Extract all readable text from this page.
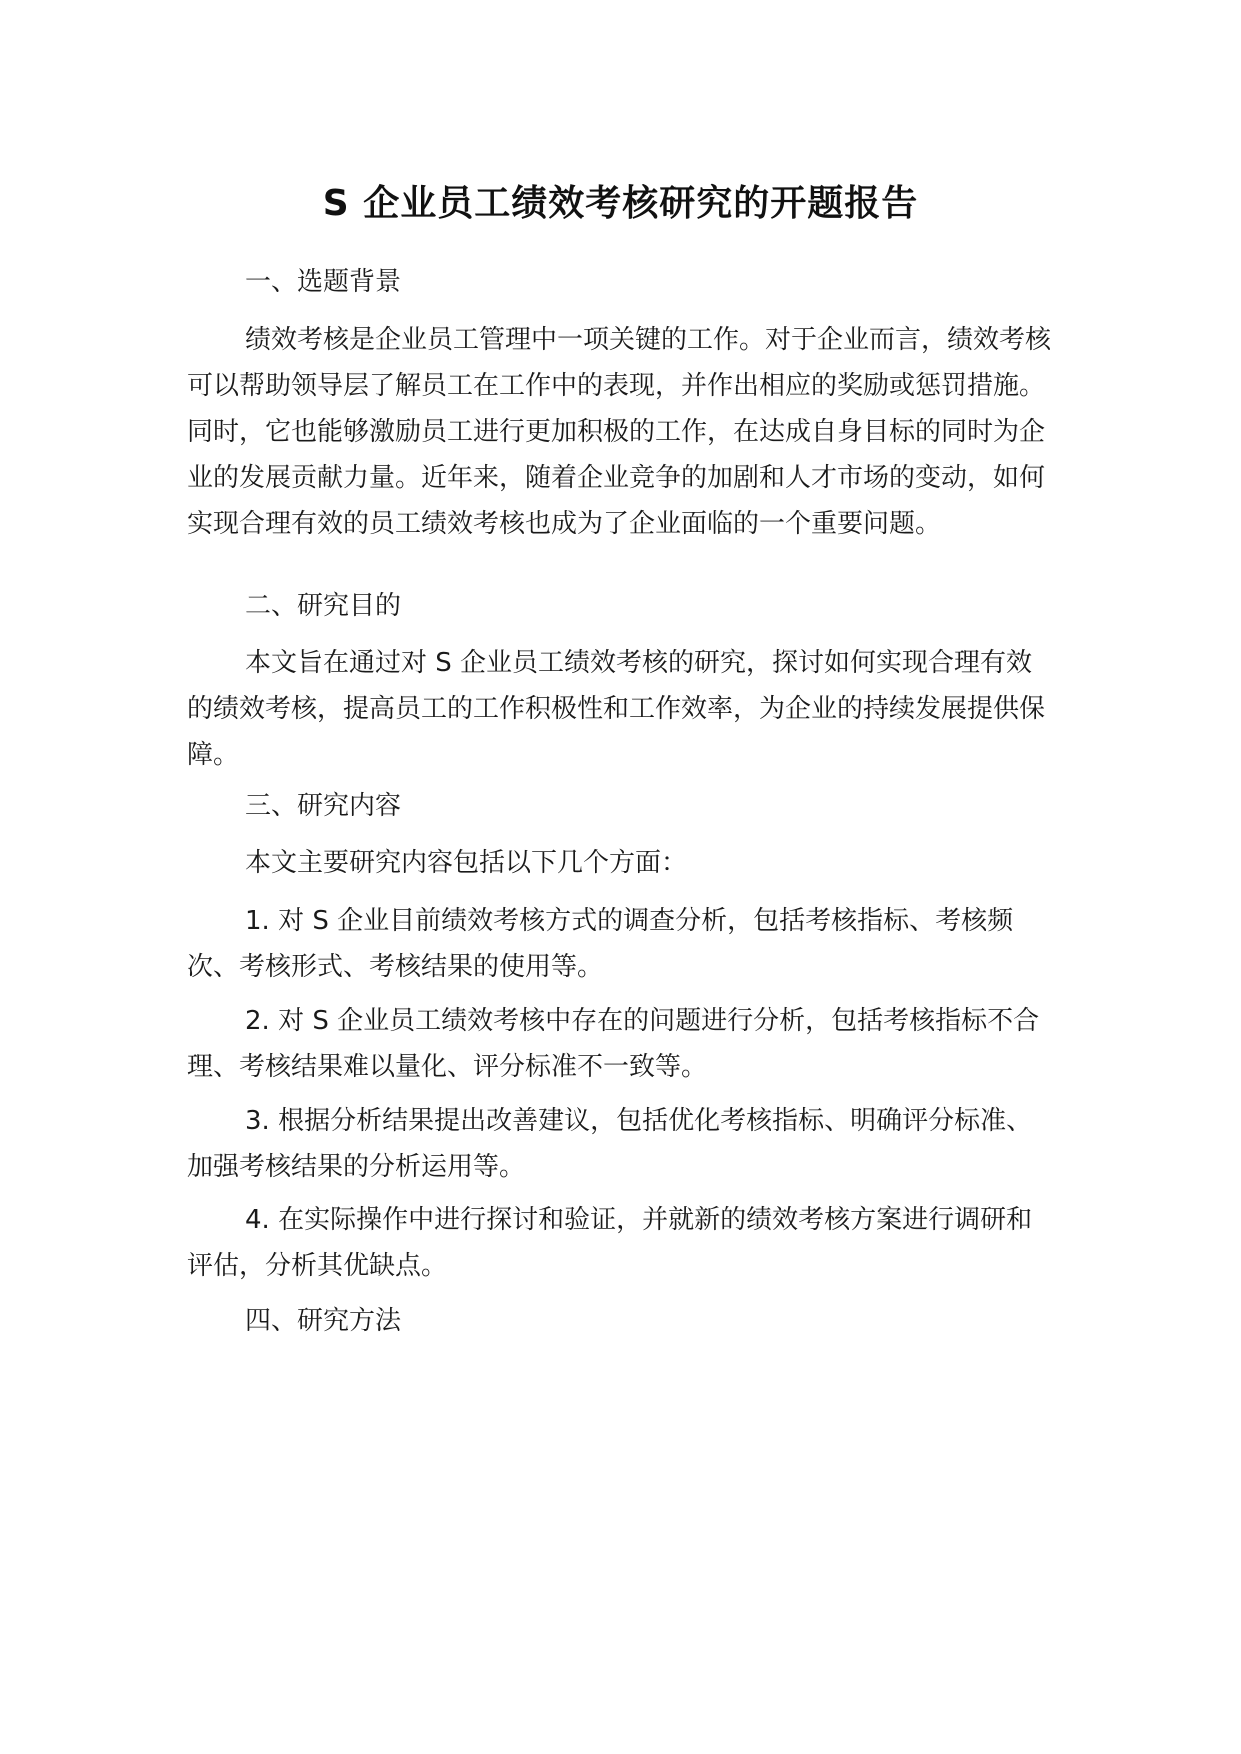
S 企业员工绩效考核研究的开题报告

一、选题背景

绩效考核是企业员工管理中一项关键的工作。对于企业而言，绩效考核可以帮助领导层了解员工在工作中的表现，并作出相应的奖励或惩罚措施。同时，它也能够激励员工进行更加积极的工作，在达成自身目标的同时为企业的发展贡献力量。近年来，随着企业竞争的加剧和人才市场的变动，如何实现合理有效的员工绩效考核也成为了企业面临的一个重要问题。

二、研究目的

本文旨在通过对 S 企业员工绩效考核的研究，探讨如何实现合理有效的绩效考核，提高员工的工作积极性和工作效率，为企业的持续发展提供保障。

三、研究内容

本文主要研究内容包括以下几个方面：

1. 对 S 企业目前绩效考核方式的调查分析，包括考核指标、考核频次、考核形式、考核结果的使用等。

2. 对 S 企业员工绩效考核中存在的问题进行分析，包括考核指标不合理、考核结果难以量化、评分标准不一致等。

3. 根据分析结果提出改善建议，包括优化考核指标、明确评分标准、加强考核结果的分析运用等。

4. 在实际操作中进行探讨和验证，并就新的绩效考核方案进行调研和评估，分析其优缺点。

四、研究方法
